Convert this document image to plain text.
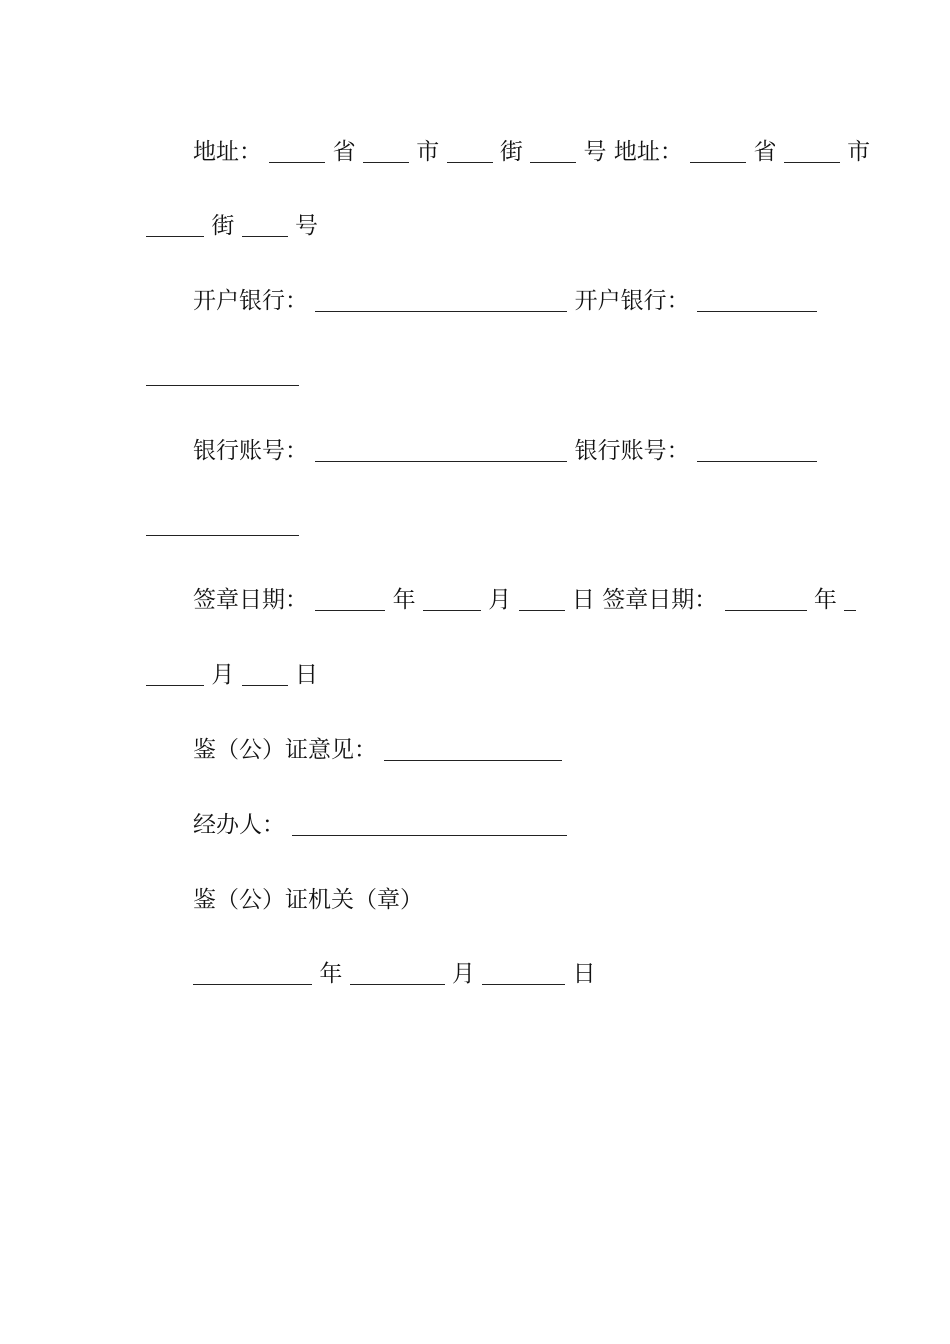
地址：	省	市	街	号 地址：	省	市
街	号
开户银行：	开户银行：
银行账号：	银行账号：
签章日期：	年	月	日 签章日期：	年
月	日
鉴（公）证意见：
经办人：
鉴（公）证机关（章）
年	月	日
